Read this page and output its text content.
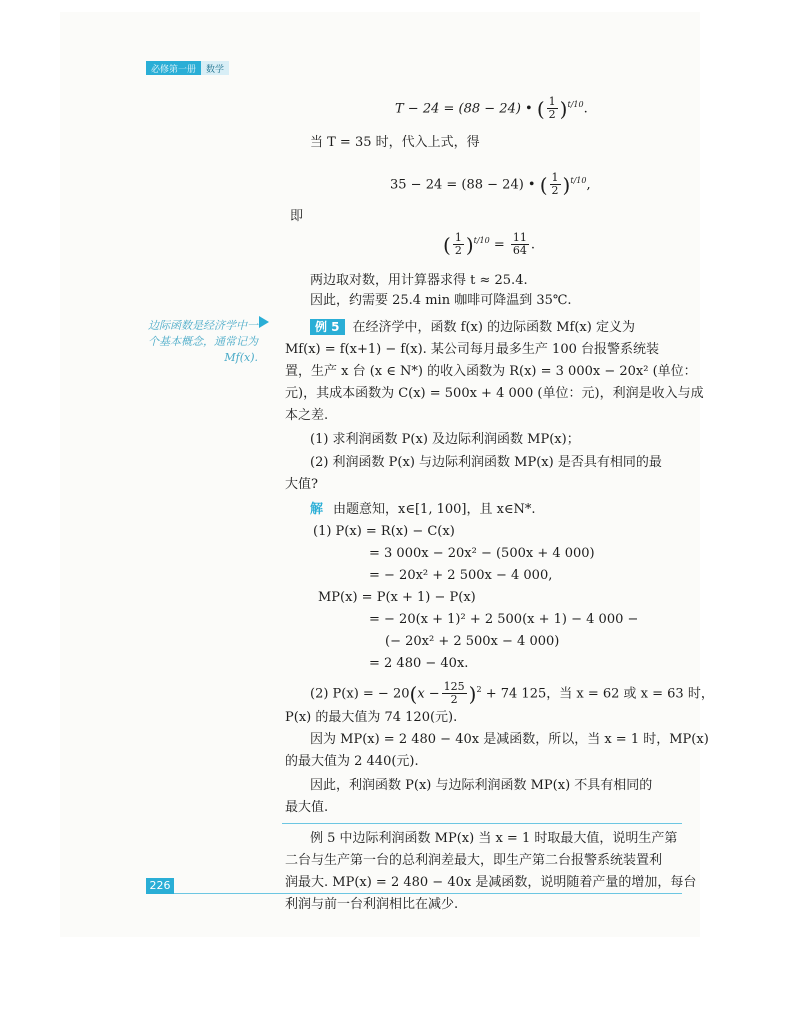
必修第一册	数学
T − 24 = (88 − 24) • ( $\frac{1}{2} )^{t/10}$.
当 T = 35 时，代入上式，得
35 − 24 = (88 − 24) • ( $\frac{1}{2} )^{t/10}$,
即
( $\frac{1}{2} )^{t/10} = \frac{11}{64}$ .
两边取对数，用计算器求得 t ≈ 25.4.
因此，约需要 25.4 min 咖啡可降温到 35℃.
边际函数是经济学中一个基本概念，通常记为 Mf(x).
例 5 在经济学中，函数 f(x) 的边际函数 Mf(x) 定义为
Mf(x) = f(x+1) − f(x). 某公司每月最多生产 100 台报警系统装
置，生产 x 台 (x ∈ N*) 的收入函数为 R(x) = 3 000x − 20x² (单位：
元)，其成本函数为 C(x) = 500x + 4 000 (单位：元)，利润是收入与成
本之差.
(1) 求利润函数 P(x) 及边际利润函数 MP(x)；
(2) 利润函数 P(x) 与边际利润函数 MP(x) 是否具有相同的最
大值?
解 由题意知，x∈[1, 100]，且 x∈N*.
(1) P(x) = R(x) − C(x)
= 3 000x − 20x² − (500x + 4 000)
= − 20x² + 2 500x − 4 000,
MP(x) = P(x + 1) − P(x)
= − 20(x + 1)² + 2 500(x + 1) − 4 000 −
(− 20x² + 2 500x − 4 000)
= 2 480 − 40x.
(2) P(x) = − $20(x - \frac{125}{2} )^2 + 74$ 125，当 x = 62 或 x = 63 时，
P(x) 的最大值为 74 120(元).
因为 MP(x) = 2 480 − 40x 是减函数，所以，当 x = 1 时，MP(x)
的最大值为 2 440(元).
因此，利润函数 P(x) 与边际利润函数 MP(x) 不具有相同的
最大值.
例 5 中边际利润函数 MP(x) 当 x = 1 时取最大值，说明生产第
二台与生产第一台的总利润差最大，即生产第二台报警系统装置利
润最大. MP(x) = 2 480 − 40x 是减函数，说明随着产量的增加，每台
利润与前一台利润相比在减少.
226
